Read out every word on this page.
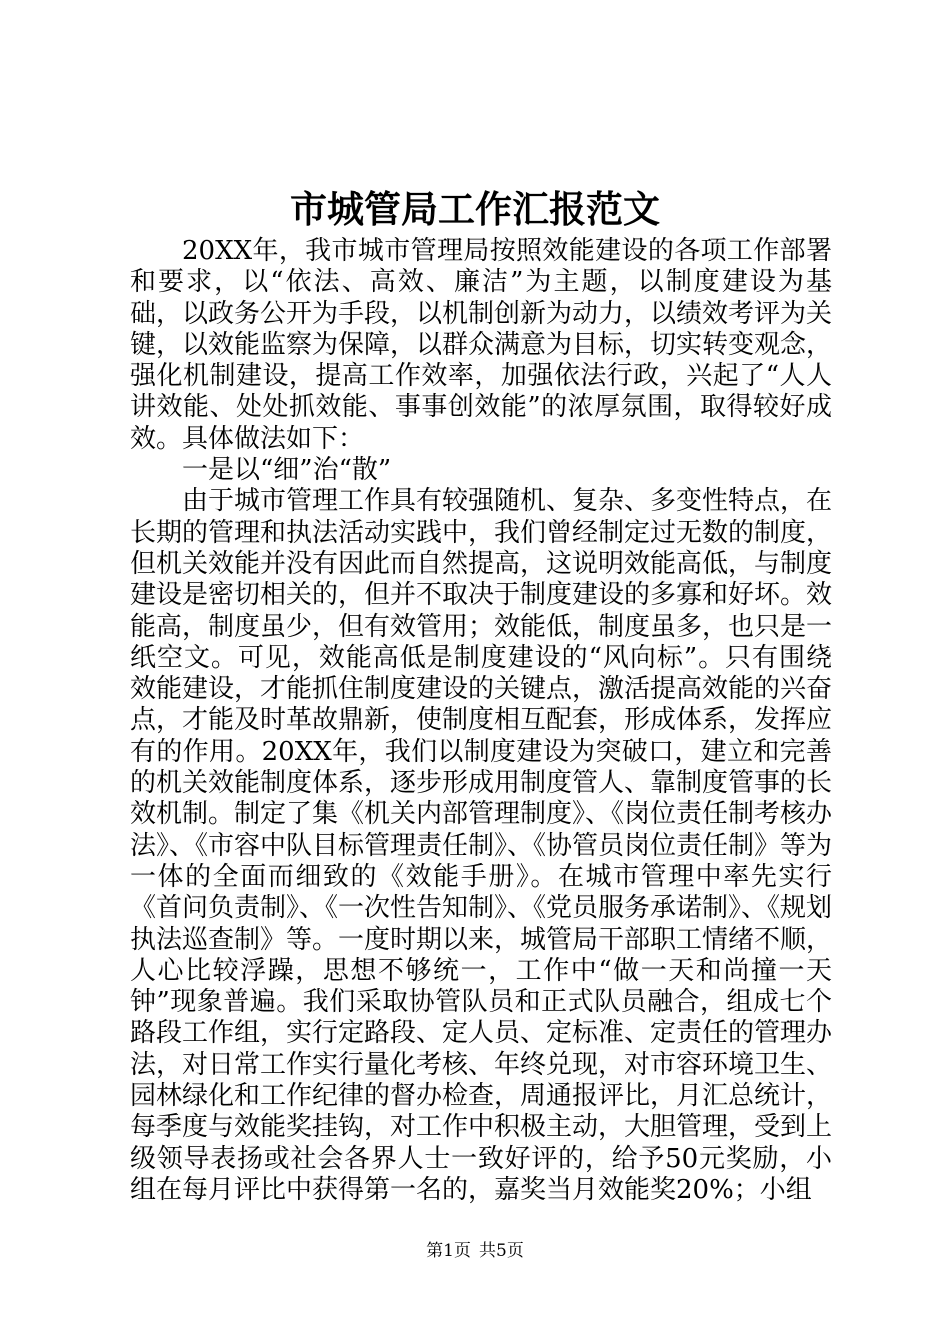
市城管局工作汇报范文

20XX年，我市城市管理局按照效能建设的各项工作部署和要求，以“依法、高效、廉洁”为主题，以制度建设为基础，以政务公开为手段，以机制创新为动力，以绩效考评为关键，以效能监察为保障，以群众满意为目标，切实转变观念，强化机制建设，提高工作效率，加强依法行政，兴起了“人人讲效能、处处抓效能、事事创效能”的浓厚氛围，取得较好成效。具体做法如下：

一是以“细”治“散”

由于城市管理工作具有较强随机、复杂、多变性特点，在长期的管理和执法活动实践中，我们曾经制定过无数的制度，但机关效能并没有因此而自然提高，这说明效能高低，与制度建设是密切相关的，但并不取决于制度建设的多寡和好坏。效能高，制度虽少，但有效管用；效能低，制度虽多，也只是一纸空文。可见，效能高低是制度建设的“风向标”。只有围绕效能建设，才能抓住制度建设的关键点，激活提高效能的兴奋点，才能及时革故鼎新，使制度相互配套，形成体系，发挥应有的作用。20XX年，我们以制度建设为突破口，建立和完善的机关效能制度体系，逐步形成用制度管人、靠制度管事的长效机制。制定了集《机关内部管理制度》、《岗位责任制考核办法》、《市容中队目标管理责任制》、《协管员岗位责任制》等为一体的全面而细致的《效能手册》。在城市管理中率先实行《首问负责制》、《一次性告知制》、《党员服务承诺制》、《规划执法巡查制》等。一度时期以来，城管局干部职工情绪不顺，人心比较浮躁，思想不够统一，工作中“做一天和尚撞一天钟”现象普遍。我们采取协管队员和正式队员融合，组成七个路段工作组，实行定路段、定人员、定标准、定责任的管理办法，对日常工作实行量化考核、年终兑现，对市容环境卫生、园林绿化和工作纪律的督办检查，周通报评比，月汇总统计，每季度与效能奖挂钩，对工作中积极主动，大胆管理，受到上级领导表扬或社会各界人士一致好评的，给予50元奖励，小组在每月评比中获得第一名的，嘉奖当月效能奖20%；小组

第1页 共5页
